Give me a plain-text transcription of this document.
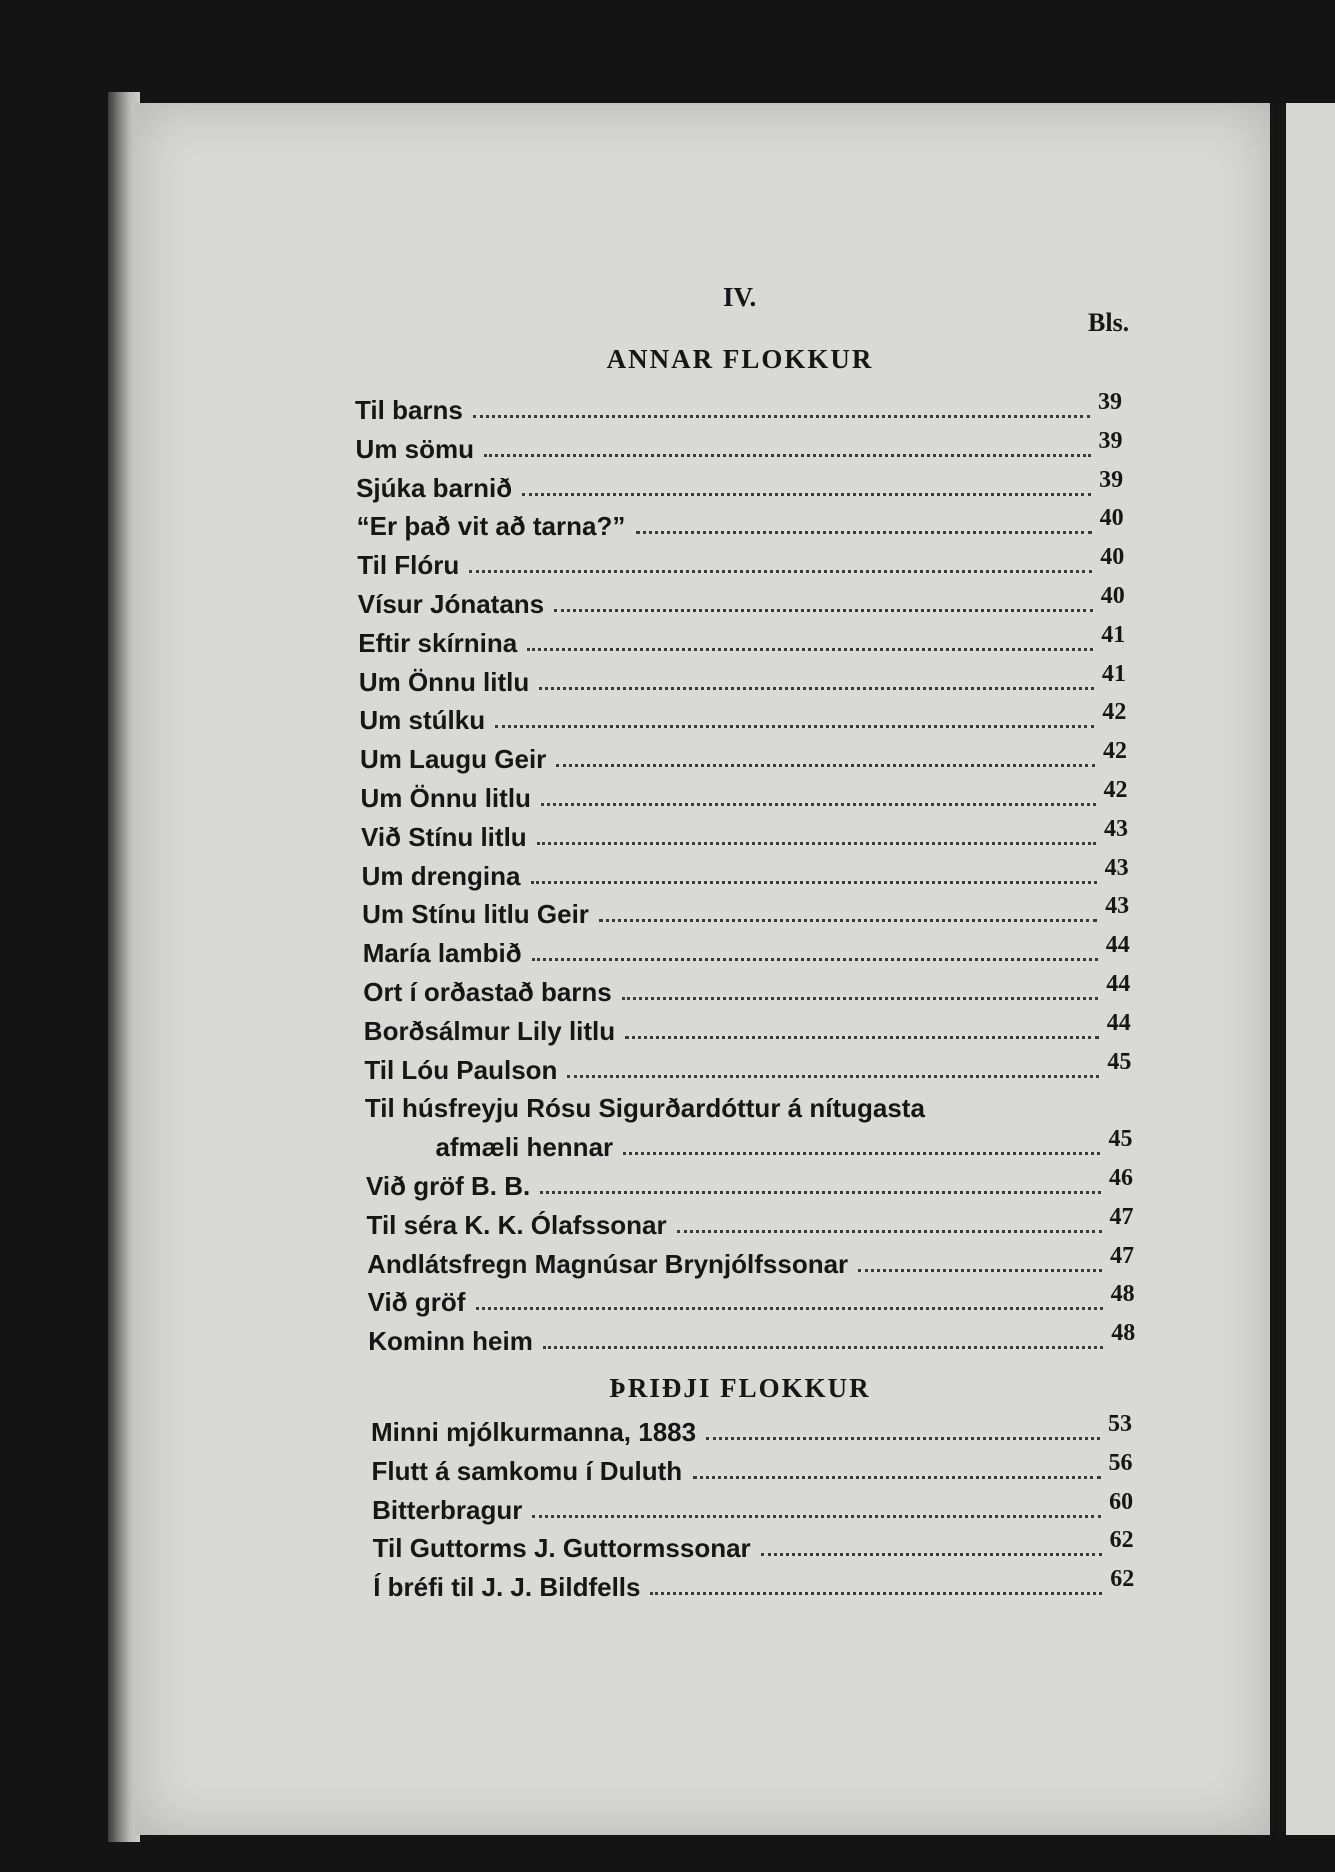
IV.
Bls.
ANNAR FLOKKUR
Til barns	39
Um sömu	39
Sjúka barnið	39
“Er það vit að tarna?”	40
Til Flóru	40
Vísur Jónatans	40
Eftir skírnina	41
Um Önnu litlu	41
Um stúlku	42
Um Laugu Geir	42
Um Önnu litlu	42
Við Stínu litlu	43
Um drengina	43
Um Stínu litlu Geir	43
María lambið	44
Ort í orðastað barns	44
Borðsálmur Lily litlu	44
Til Lóu Paulson	45
Til húsfreyju Rósu Sigurðardóttur á nítugasta
afmæli hennar	45
Við gröf B. B.	46
Til séra K. K. Ólafssonar	47
Andlátsfregn Magnúsar Brynjólfssonar	47
Við gröf	48
Kominn heim	48
ÞRIÐJI FLOKKUR
Minni mjólkurmanna, 1883	53
Flutt á samkomu í Duluth	56
Bitterbragur	60
Til Guttorms J. Guttormssonar	62
Í bréfi til J. J. Bildfells	62
